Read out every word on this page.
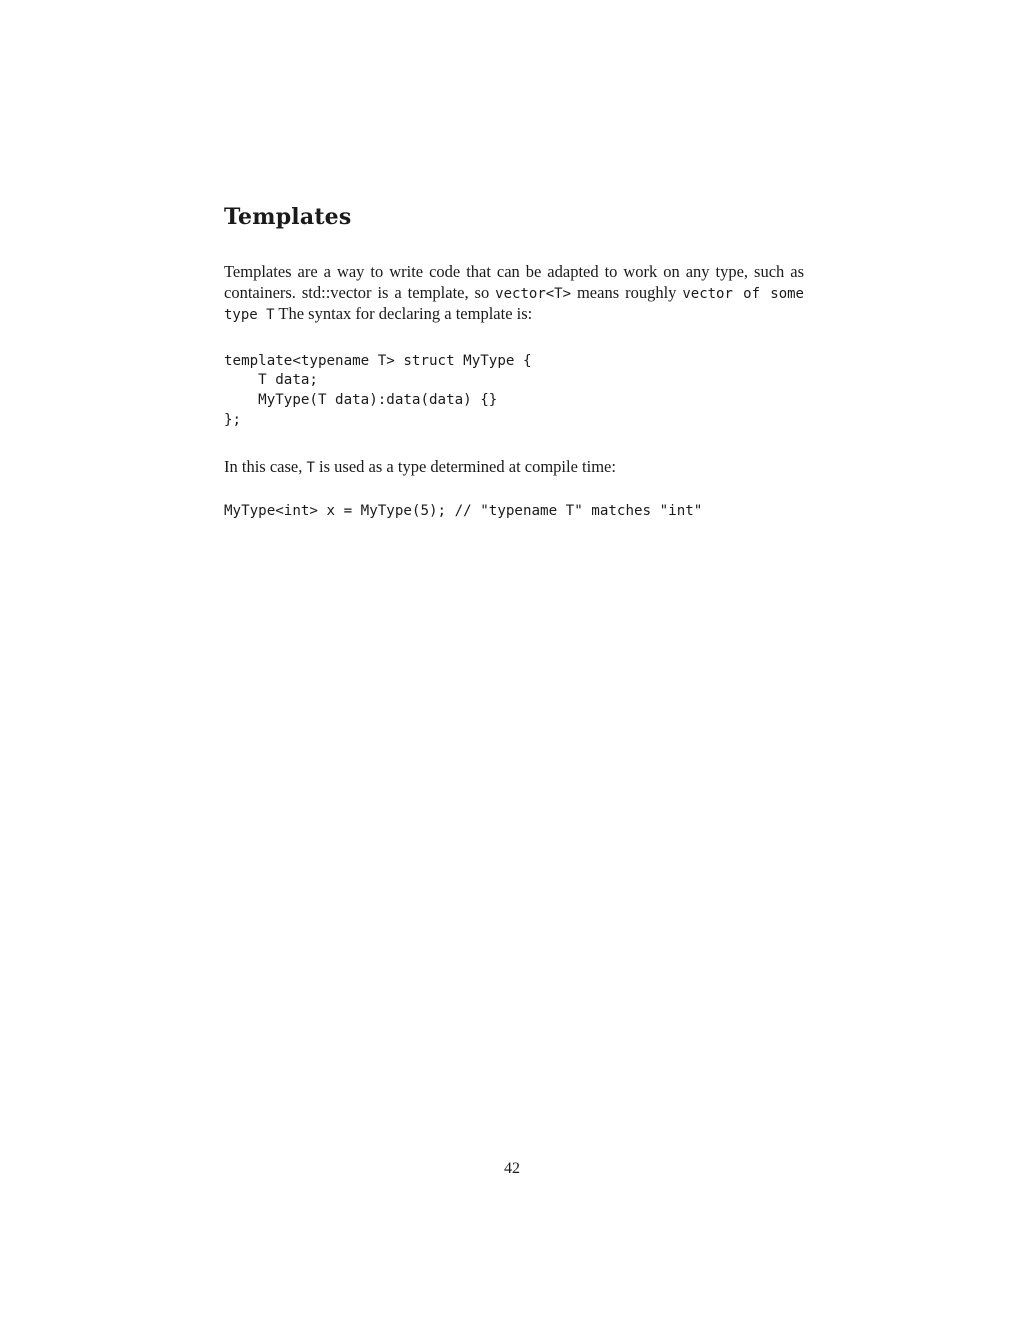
Templates

Templates are a way to write code that can be adapted to work on any type, such as containers. std::vector is a template, so vector<T> means roughly vector of some type T The syntax for declaring a template is:

template<typename T> struct MyType {
T data;
MyType(T data):data(data) {}
};

In this case, T is used as a type determined at compile time:

MyType<int> x = MyType(5); // "typename T" matches "int"
42
